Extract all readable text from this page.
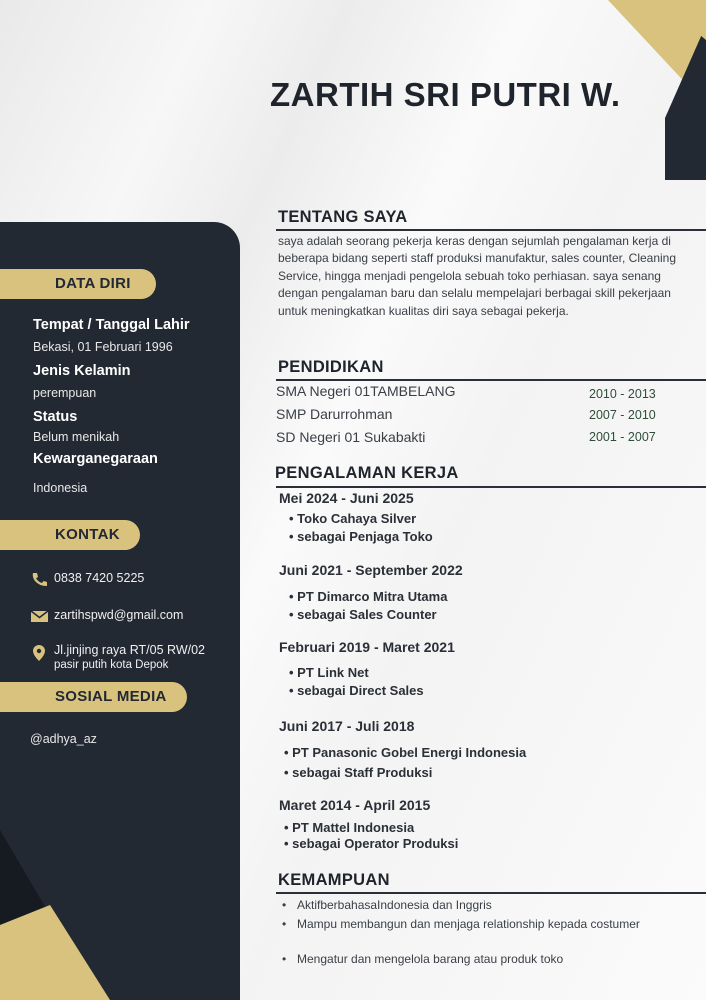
DATA DIRI
Tempat / Tanggal Lahir
Bekasi, 01 Februari 1996
Jenis Kelamin
perempuan
Status
Belum menikah
Kewarganegaraan
Indonesia
KONTAK
0838 7420 5225
zartihspwd@gmail.com
Jl.jinjing raya RT/05 RW/02
pasir putih kota Depok
SOSIAL MEDIA
@adhya_az
ZARTIH SRI PUTRI W.
TENTANG SAYA

saya adalah seorang pekerja keras dengan sejumlah pengalaman kerja di beberapa bidang seperti staff produksi manufaktur, sales counter, Cleaning Service, hingga menjadi pengelola sebuah toko perhiasan. saya senang dengan pengalaman baru dan selalu mempelajari berbagai skill pekerjaan untuk meningkatkan kualitas diri saya sebagai pekerja.

PENDIDIKAN
SMA Negeri 01TAMBELANG	2010 - 2013
SMP Darurrohman	2007 - 2010
SD Negeri 01 Sukabakti	2001 - 2007
PENGALAMAN KERJA
Mei 2024 - Juni 2025
• Toko Cahaya Silver
• sebagai Penjaga Toko
Juni 2021 - September 2022
• PT Dimarco Mitra Utama
• sebagai Sales Counter
Februari 2019 - Maret 2021
• PT Link Net
• sebagai Direct Sales
Juni 2017 - Juli 2018
• PT Panasonic Gobel Energi Indonesia
• sebagai Staff Produksi
Maret 2014 - April 2015
• PT Mattel Indonesia
• sebagai Operator Produksi
KEMAMPUAN
• AktifberbahasaIndonesia dan Inggris
• Mampu membangun dan menjaga relationship kepada costumer
• Mengatur dan mengelola barang atau produk toko
